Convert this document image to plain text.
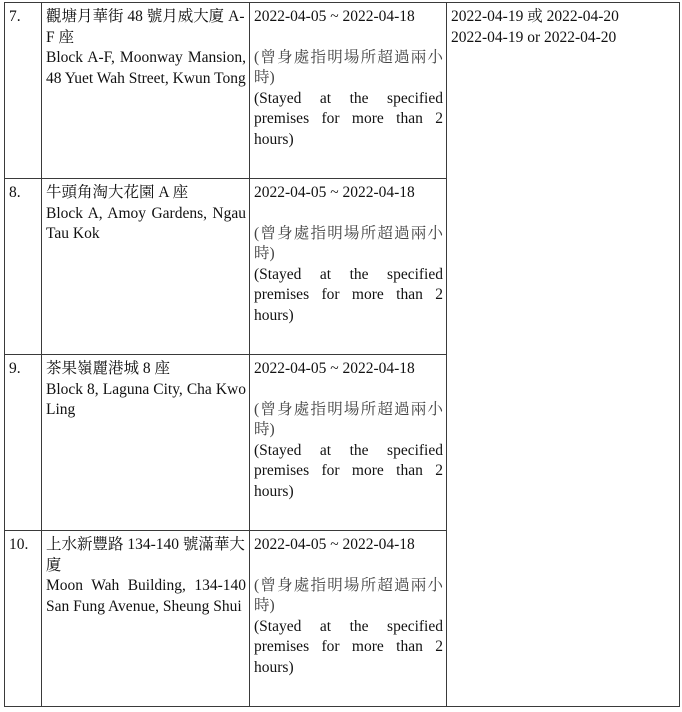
7.	觀塘月華街 48 號月威大廈 A-F 座
Block A-F, Moonway Mansion, 48 Yuet Wah Street, Kwun Tong	2022-04-05 ~ 2022-04-18
(曾身處指明場所超過兩小時)
(Stayed at the specified premises for more than 2 hours)	2022-04-19 或 2022-04-20
2022-04-19 or 2022-04-20

8.	牛頭角淘大花園 A 座
Block A, Amoy Gardens, Ngau Tau Kok	2022-04-05 ~ 2022-04-18
(曾身處指明場所超過兩小時)
(Stayed at the specified premises for more than 2 hours)	

9.	茶果嶺麗港城 8 座
Block 8, Laguna City, Cha Kwo Ling	2022-04-05 ~ 2022-04-18
(曾身處指明場所超過兩小時)
(Stayed at the specified premises for more than 2 hours)	

10.	上水新豐路 134-140 號滿華大廈
Moon Wah Building, 134-140 San Fung Avenue, Sheung Shui	2022-04-05 ~ 2022-04-18
(曾身處指明場所超過兩小時)
(Stayed at the specified premises for more than 2 hours)	
